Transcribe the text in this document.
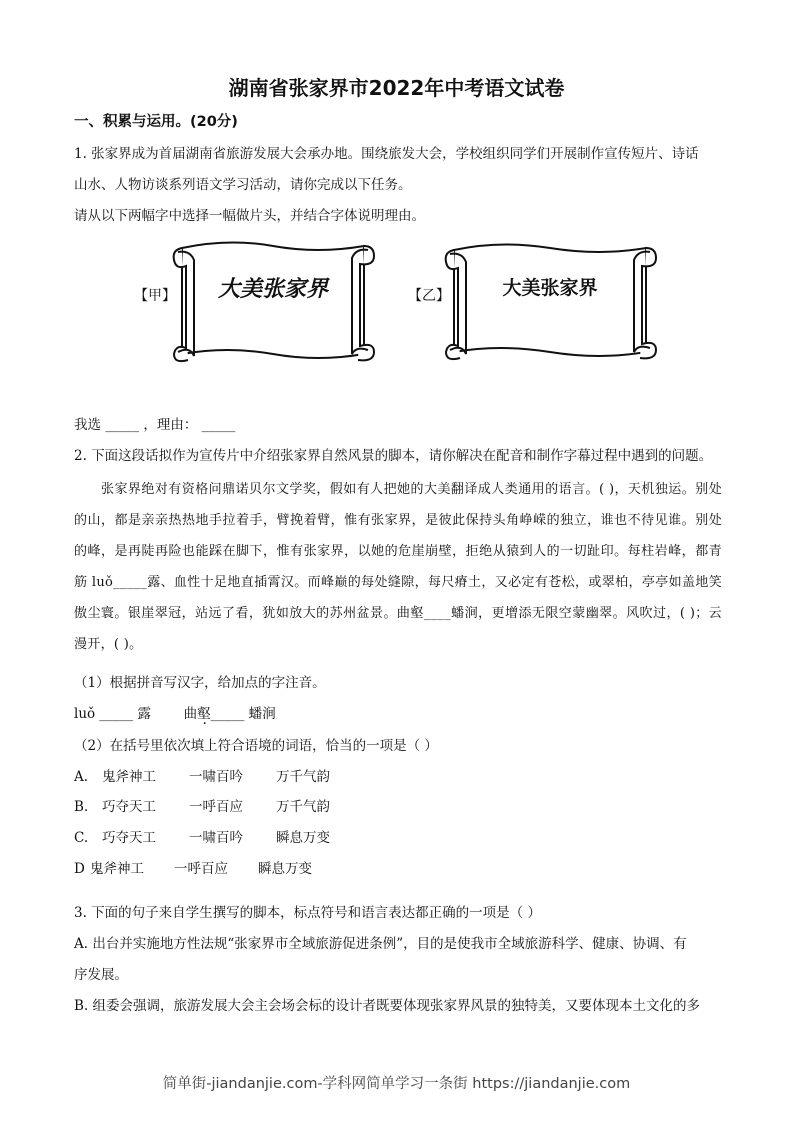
湖南省张家界市2022年中考语文试卷
一、积累与运用。(20分)
1. 张家界成为首届湖南省旅游发展大会承办地。围绕旅发大会，学校组织同学们开展制作宣传短片、诗话
山水、人物访谈系列语文学习活动，请你完成以下任务。
请从以下两幅字中选择一幅做片头，并结合字体说明理由。
【甲】 大美张家界	【乙】	大美张家界
我选 _____ ，理由： _____
2. 下面这段话拟作为宣传片中介绍张家界自然风景的脚本，请你解决在配音和制作字幕过程中遇到的问题。
张家界绝对有资格问鼎诺贝尔文学奖，假如有人把她的大美翻译成人类通用的语言。( )，天机独运。别处的山，都是亲亲热热地手拉着手，臂挽着臂，惟有张家界，是彼此保持头角峥嵘的独立，谁也不待见谁。别处的峰，是再陡再险也能踩在脚下，惟有张家界，以她的危崖崩壁，拒绝从猿到人的一切趾印。每柱岩峰，都青筋 luǒ_____露、血性十足地直插霄汉。而峰巅的每处缝隙，每尺瘠土，又必定有苍松，或翠柏，亭亭如盖地笑傲尘寰。银崖翠冠，站远了看，犹如放大的苏州盆景。曲壑____蟠涧，更增添无限空蒙幽翠。风吹过，( )；云漫开，( )。
（1）根据拼音写汉字，给加点的字注音。
luǒ _____ 露 曲壑_____ 蟠涧
（2）在括号里依次填上符合语境的词语，恰当的一项是（ ）
A. 鬼斧神工 一啸百吟 万千气韵
B. 巧夺天工 一呼百应 万千气韵
C. 巧夺天工 一啸百吟 瞬息万变
D 鬼斧神工 一呼百应 瞬息万变
3. 下面的句子来自学生撰写的脚本，标点符号和语言表达都正确的一项是（ ）
A. 出台并实施地方性法规“张家界市全域旅游促进条例”，目的是使我市全域旅游科学、健康、协调、有
序发展。
B. 组委会强调，旅游发展大会主会场会标的设计者既要体现张家界风景的独特美，又要体现本土文化的多
简单街-jiandanjie.com-学科网简单学习一条街 https://jiandanjie.com
